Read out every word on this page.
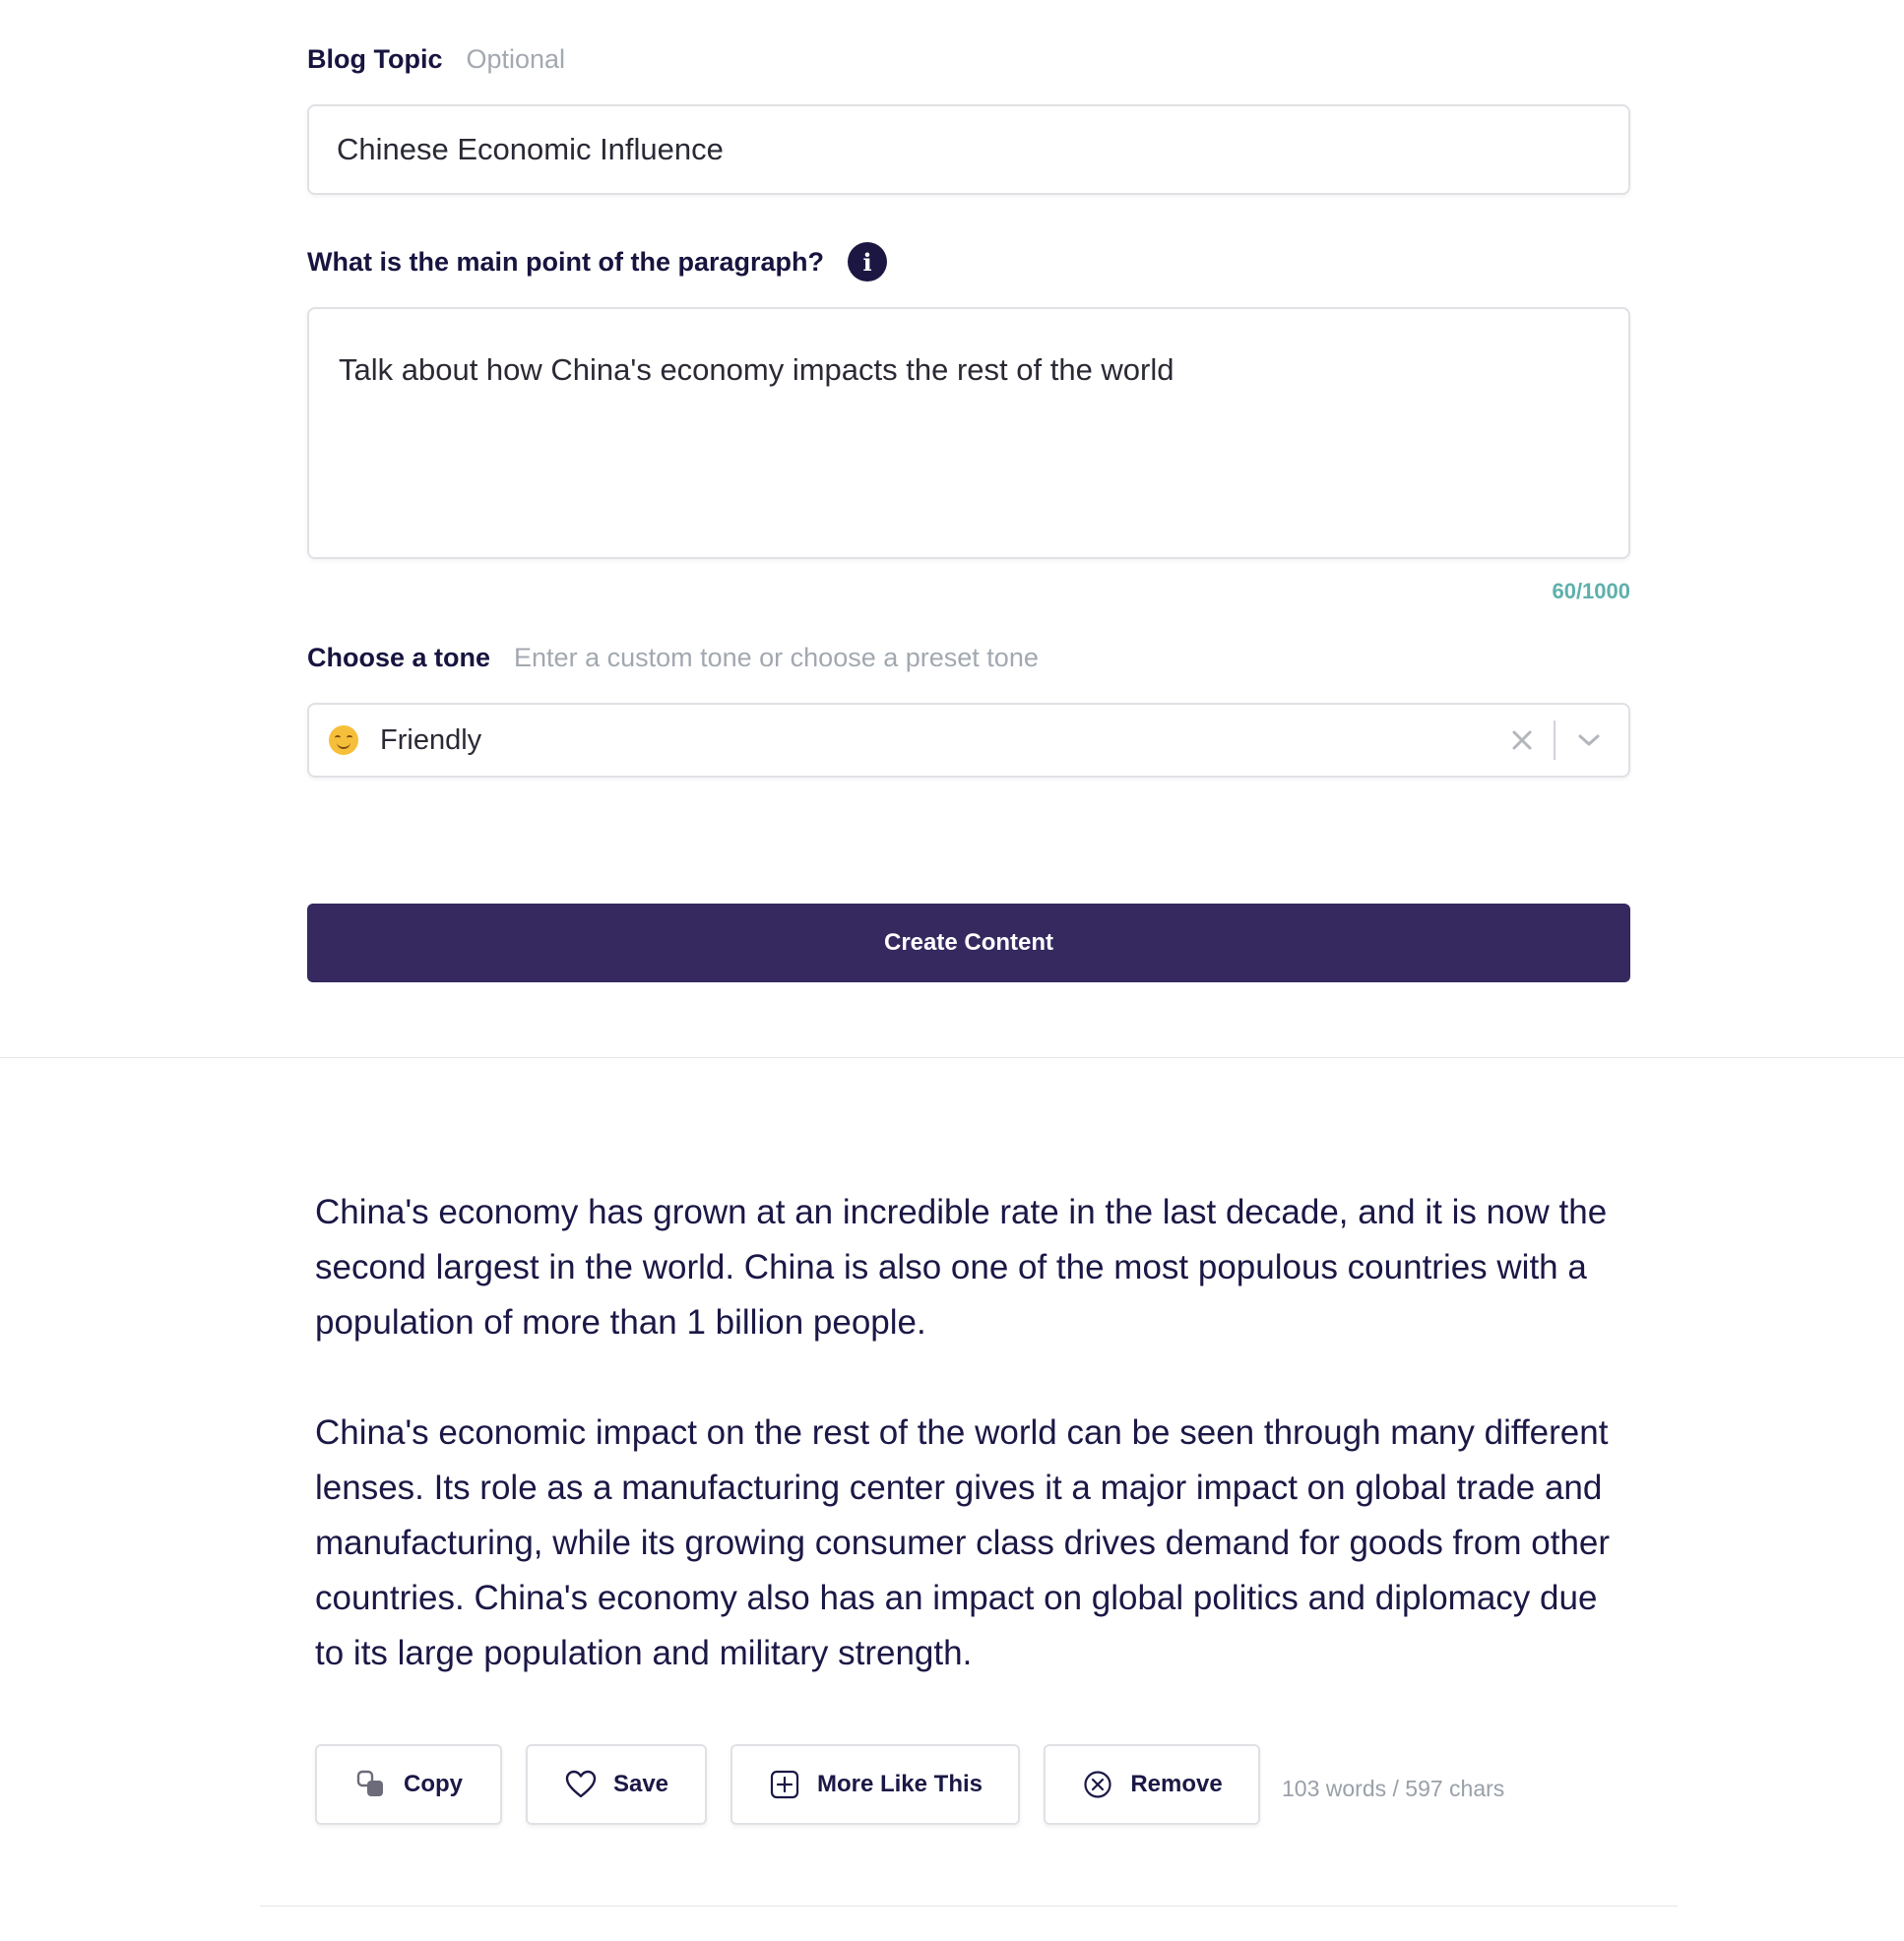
Blog Topic Optional
Chinese Economic Influence
What is the main point of the paragraph?	i
Talk about how China's economy impacts the rest of the world
60/1000
Choose a tone Enter a custom tone or choose a preset tone
Friendly
Create Content

China's economy has grown at an incredible rate in the last decade, and it is now the second largest in the world. China is also one of the most populous countries with a population of more than 1 billion people.

China's economic impact on the rest of the world can be seen through many different lenses. Its role as a manufacturing center gives it a major impact on global trade and manufacturing, while its growing consumer class drives demand for goods from other countries. China's economy also has an impact on global politics and diplomacy due to its large population and military strength.

Copy	Save	More Like This	Remove	103 words / 597 chars
